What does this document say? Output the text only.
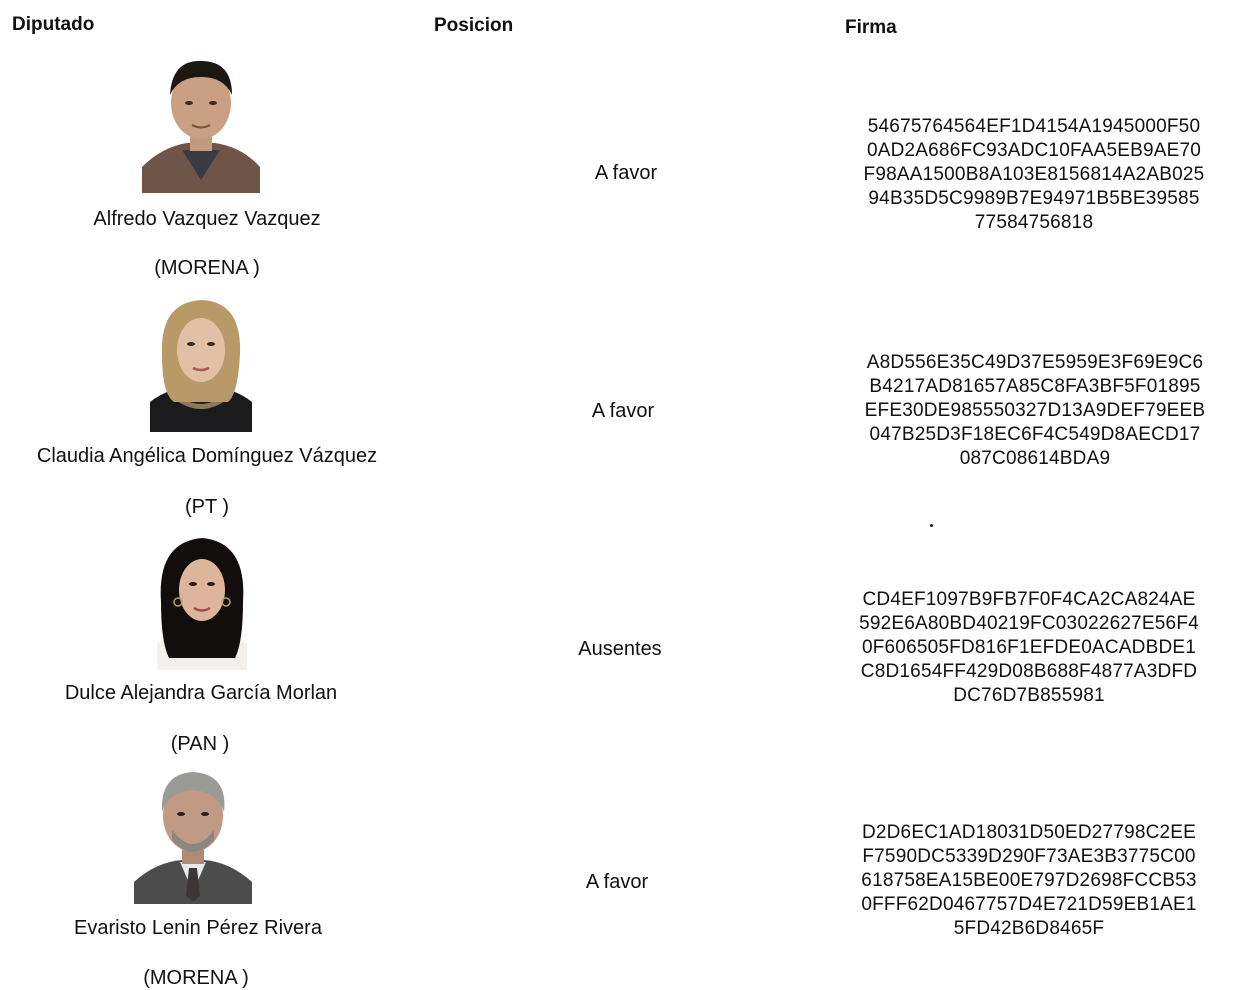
Diputado	Posicion	Firma
Alfredo Vazquez Vazquez
(MORENA )
A favor
54675764564EF1D4154A1945000F50
0AD2A686FC93ADC10FAA5EB9AE70
F98AA1500B8A103E8156814A2AB025
94B35D5C9989B7E94971B5BE39585
77584756818
Claudia Angélica Domínguez Vázquez
(PT )
A favor
A8D556E35C49D37E5959E3F69E9C6
B4217AD81657A85C8FA3BF5F01895
EFE30DE985550327D13A9DEF79EEB
047B25D3F18EC6F4C549D8AECD17
087C08614BDA9
Dulce Alejandra García Morlan
(PAN )
Ausentes
CD4EF1097B9FB7F0F4CA2CA824AE
592E6A80BD40219FC03022627E56F4
0F606505FD816F1EFDE0ACADBDE1
C8D1654FF429D08B688F4877A3DFD
DC76D7B855981
Evaristo Lenin Pérez Rivera
(MORENA )
A favor
D2D6EC1AD18031D50ED27798C2EE
F7590DC5339D290F73AE3B3775C00
618758EA15BE00E797D2698FCCB53
0FFF62D0467757D4E721D59EB1AE1
5FD42B6D8465F
